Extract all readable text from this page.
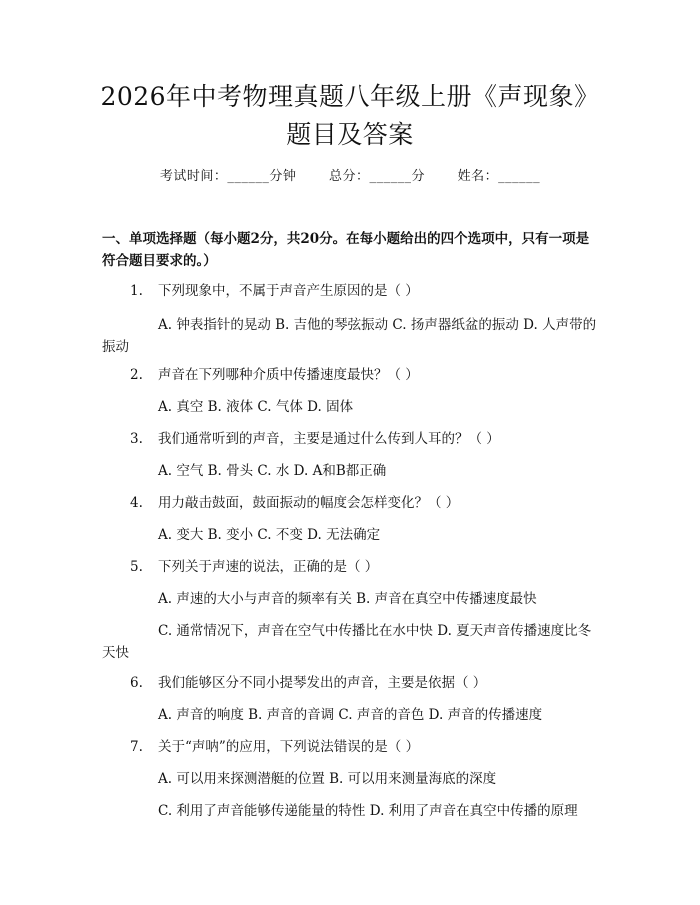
2026年中考物理真题八年级上册《声现象》
题目及答案
考试时间：______分钟	总分：______分	姓名：______
一、单项选择题（每小题2分，共20分。在每小题给出的四个选项中，只有一项是符合题目要求的。）
1. 下列现象中，不属于声音产生原因的是（ ）
A. 钟表指针的晃动 B. 吉他的琴弦振动 C. 扬声器纸盆的振动 D. 人声带的振动
2. 声音在下列哪种介质中传播速度最快？（ ）
A. 真空 B. 液体 C. 气体 D. 固体
3. 我们通常听到的声音，主要是通过什么传到人耳的？（ ）
A. 空气 B. 骨头 C. 水 D. A和B都正确
4. 用力敲击鼓面，鼓面振动的幅度会怎样变化？（ ）
A. 变大 B. 变小 C. 不变 D. 无法确定
5. 下列关于声速的说法，正确的是（ ）
A. 声速的大小与声音的频率有关 B. 声音在真空中传播速度最快
C. 通常情况下，声音在空气中传播比在水中快 D. 夏天声音传播速度比冬天快
6. 我们能够区分不同小提琴发出的声音，主要是依据（ ）
A. 声音的响度 B. 声音的音调 C. 声音的音色 D. 声音的传播速度
7. 关于“声呐”的应用，下列说法错误的是（ ）
A. 可以用来探测潜艇的位置 B. 可以用来测量海底的深度
C. 利用了声音能够传递能量的特性 D. 利用了声音在真空中传播的原理
